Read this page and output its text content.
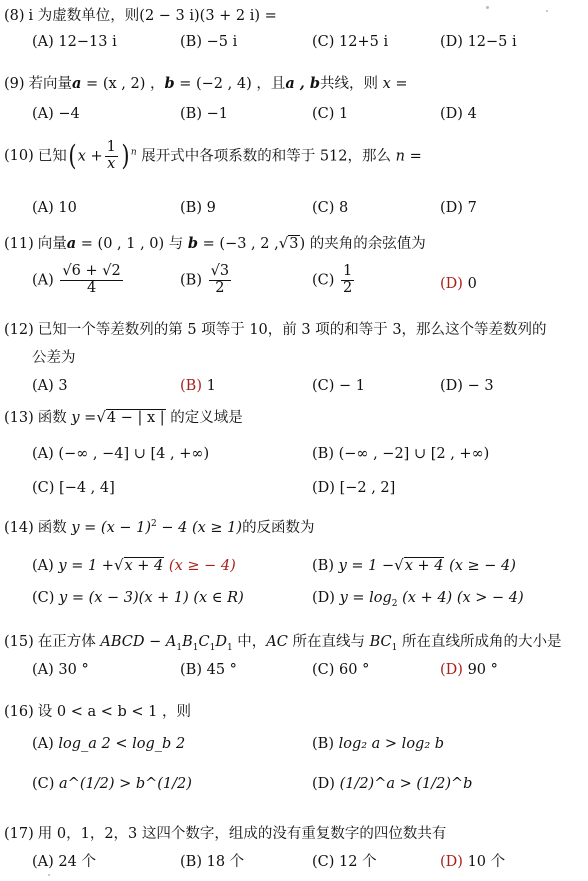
(8) i 为虚数单位，则(2 − 3 i)(3 + 2 i) =
(A) 12−13 i	(B) −5 i	(C) 12+5 i	(D) 12−5 i
(9) 若向量a = (x , 2) ，b = (−2 , 4) ，且a , b共线，则 x =
(A) −4	(B) −1	(C) 1	(D) 4
(10) 已知$(x + \frac{1}{x} )^n$ 展开式中各项系数的和等于 512，那么 n =
(A) 10	(B) 9	(C) 8	(D) 7
(11) 向量a = (0 , 1 , 0) 与 b = (−3 , 2 ,√3) 的夹角的余弦值为
$(A) \frac{√6 + √2}{4}$	$(B) \frac{√3}{2}$	$(C) \frac{1}{2}$	(D) 0
(12) 已知一个等差数列的第 5 项等于 10，前 3 项的和等于 3，那么这个等差数列的
公差为
(A) 3	(B) 1	(C) − 1	(D) − 3
(13) 函数 y =√4 − | x | 的定义域是
(A) (−∞ , −4] ∪ [4 , +∞)	(B) (−∞ , −2] ∪ [2 , +∞)
(C) [−4 , 4]	(D) [−2 , 2]
(14) 函数 $y = (x - 1)^2 - 4$ (x ≥ 1)的反函数为
(A) y = 1 +√x + 4 (x ≥ − 4)	(B) y = 1 −√x + 4 (x ≥ − 4)
(C) y = (x − 3)(x + 1) (x ∈ R)	(D) $y = \log_2 (x + 4) (x$ > − 4)
(15) 在正方体 ABCD − $A_1B_1C_1D_1$ 中，AC 所在直线与 $BC_1$ 所在直线所成角的大小是
(A) 30 °	(B) 45 °	(C) 60 °	(D) 90 °
(16) 设 0 < a < b < 1 ，则
(A) log_a 2 < log_b 2	(B) log₂ a > log₂ b
(C) a^(1/2) > b^(1/2)	(D) (1/2)^a > (1/2)^b
(17) 用 0，1，2，3 这四个数字，组成的没有重复数字的四位数共有
(A) 24 个	(B) 18 个	(C) 12 个	(D) 10 个
